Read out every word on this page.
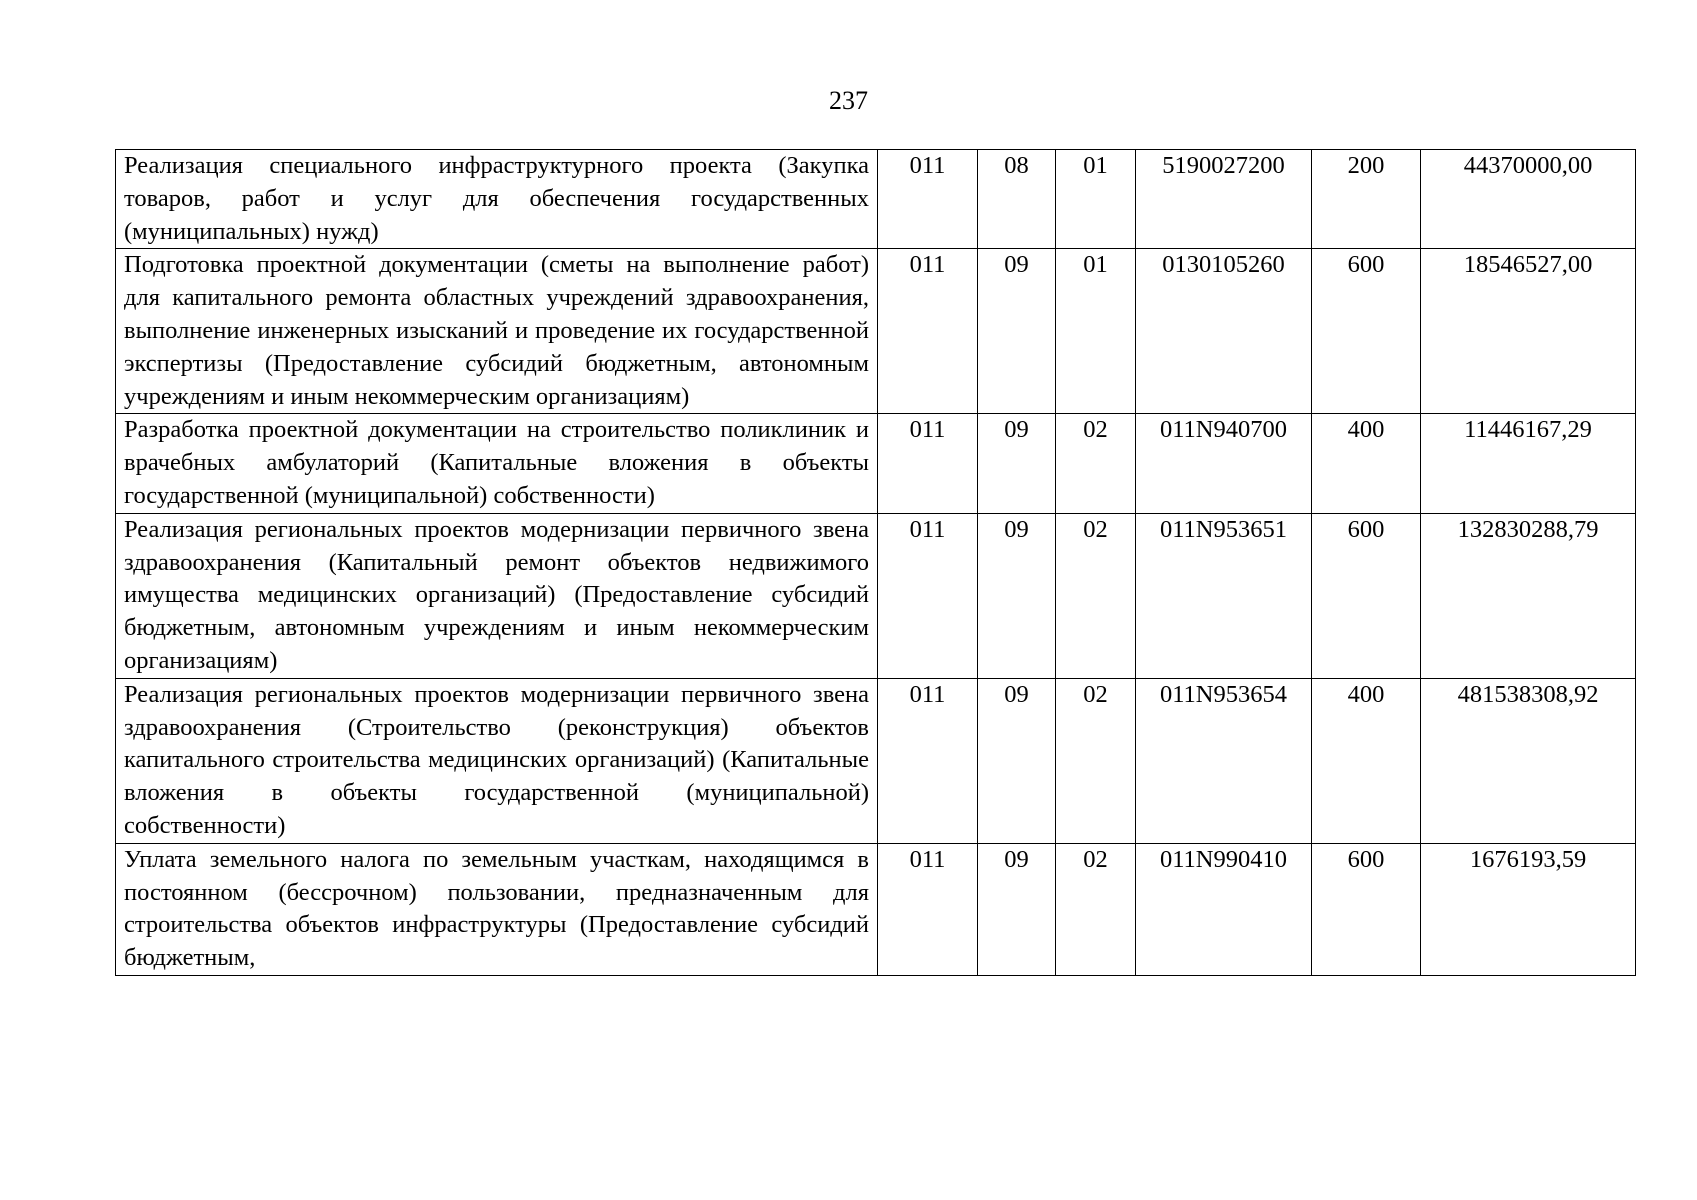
237
Реализация специального инфраструктурного проекта (Закупка товаров, работ и услуг для обеспечения государственных (муниципальных) нужд)	011	08	01	5190027200	200	44370000,00
Подготовка проектной документации (сметы на выполнение работ) для капитального ремонта областных учреждений здравоохранения, выполнение инженерных изысканий и проведение их государственной экспертизы (Предоставление субсидий бюджетным, автономным учреждениям и иным некоммерческим организациям)	011	09	01	0130105260	600	18546527,00
Разработка проектной документации на строительство поликлиник и врачебных амбулаторий (Капитальные вложения в объекты государственной (муниципальной) собственности)	011	09	02	011N940700	400	11446167,29
Реализация региональных проектов модернизации первичного звена здравоохранения (Капитальный ремонт объектов недвижимого имущества медицинских организаций) (Предоставление субсидий бюджетным, автономным учреждениям и иным некоммерческим организациям)	011	09	02	011N953651	600	132830288,79
Реализация региональных проектов модернизации первичного звена здравоохранения (Строительство (реконструкция) объектов капитального строительства медицинских организаций) (Капитальные вложения в объекты государственной (муниципальной) собственности)	011	09	02	011N953654	400	481538308,92
Уплата земельного налога по земельным участкам, находящимся в постоянном (бессрочном) пользовании, предназначенным для строительства объектов инфраструктуры (Предоставление субсидий бюджетным,	011	09	02	011N990410	600	1676193,59
